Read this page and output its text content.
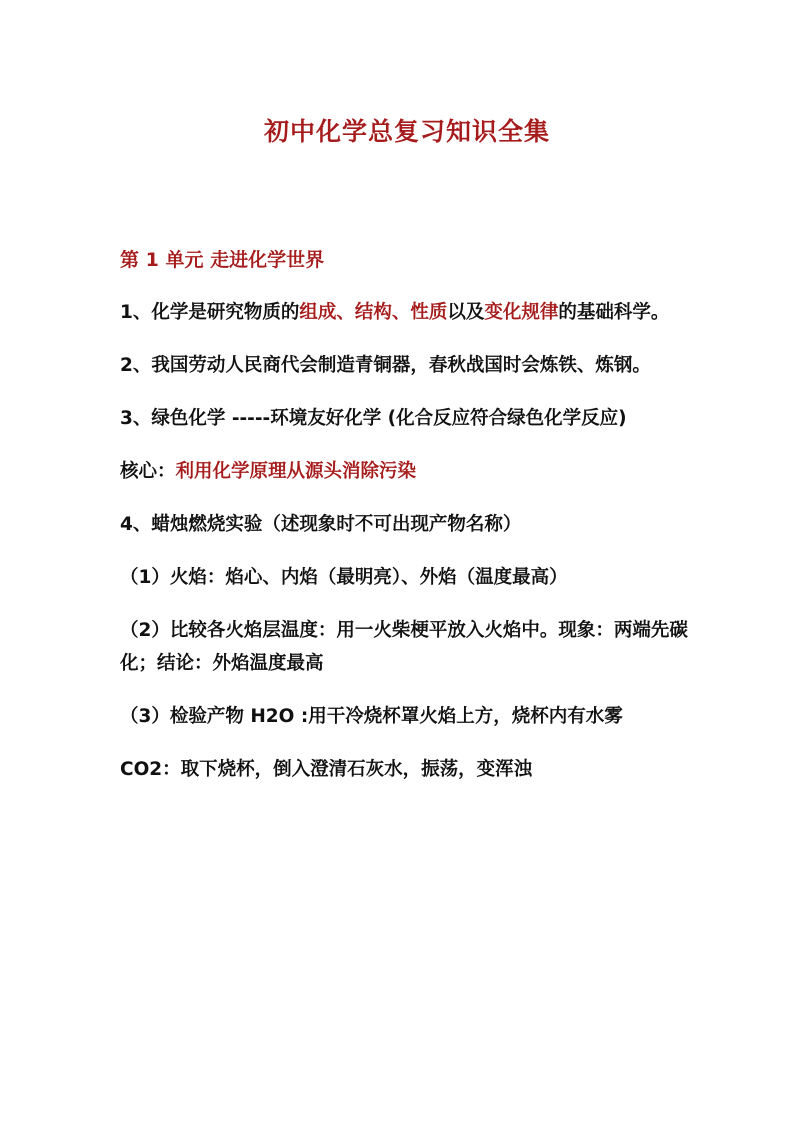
初中化学总复习知识全集
第 1 单元 走进化学世界

1、化学是研究物质的组成、结构、性质以及变化规律的基础科学。

2、我国劳动人民商代会制造青铜器，春秋战国时会炼铁、炼钢。

3、绿色化学 -----环境友好化学 (化合反应符合绿色化学反应)

核心：利用化学原理从源头消除污染

4、蜡烛燃烧实验（述现象时不可出现产物名称）

（1）火焰：焰心、内焰（最明亮）、外焰（温度最高）

（2）比较各火焰层温度：用一火柴梗平放入火焰中。现象：两端先碳化；结论：外焰温度最高

（3）检验产物 H2O :用干冷烧杯罩火焰上方，烧杯内有水雾

CO2：取下烧杯，倒入澄清石灰水，振荡，变浑浊
